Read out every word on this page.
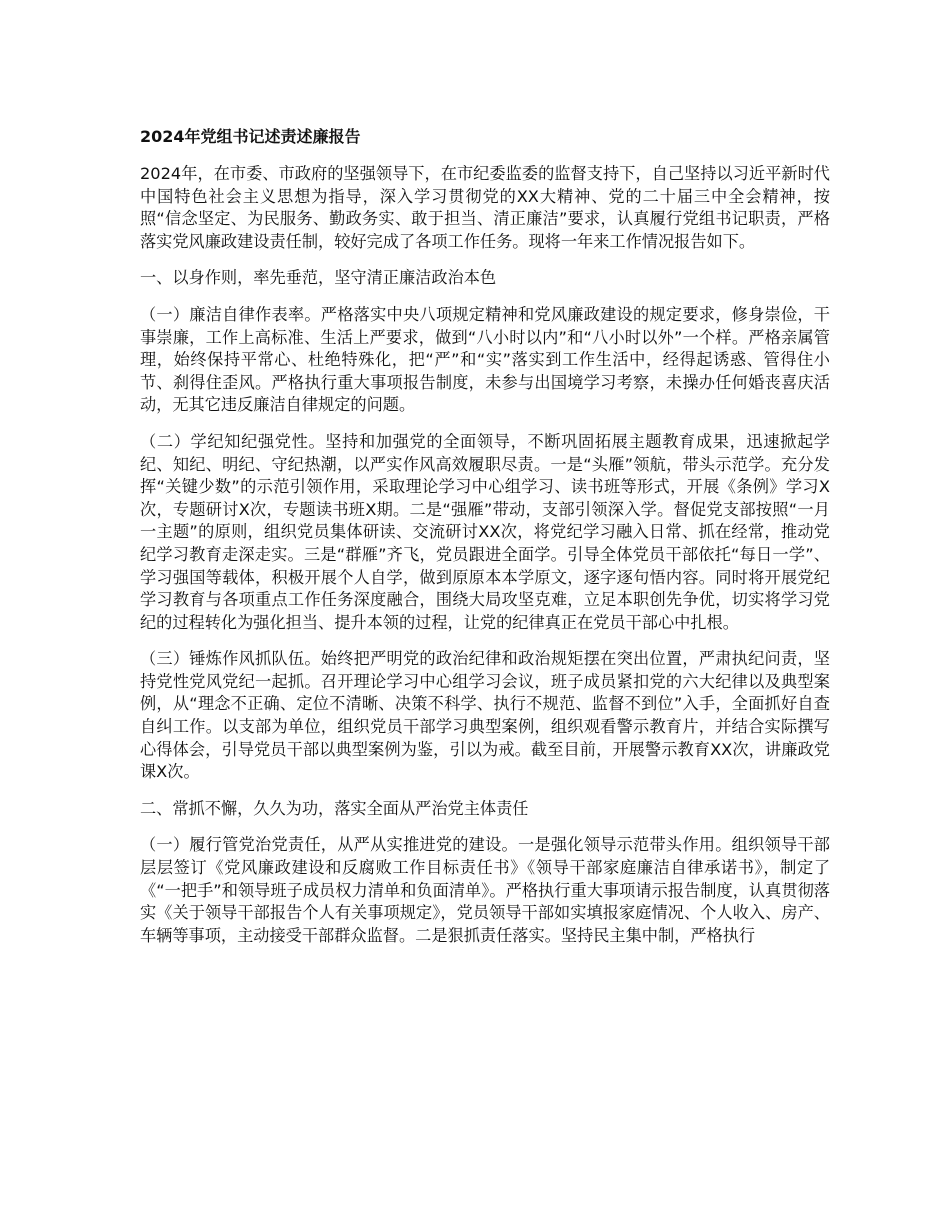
2024年党组书记述责述廉报告

2024年，在市委、市政府的坚强领导下，在市纪委监委的监督支持下，自己坚持以习近平新时代中国特色社会主义思想为指导，深入学习贯彻党的XX大精神、党的二十届三中全会精神，按照“信念坚定、为民服务、勤政务实、敢于担当、清正廉洁”要求，认真履行党组书记职责，严格落实党风廉政建设责任制，较好完成了各项工作任务。现将一年来工作情况报告如下。

一、以身作则，率先垂范，坚守清正廉洁政治本色

（一）廉洁自律作表率。严格落实中央八项规定精神和党风廉政建设的规定要求，修身崇俭，干事崇廉，工作上高标准、生活上严要求，做到“八小时以内”和“八小时以外”一个样。严格亲属管理，始终保持平常心、杜绝特殊化，把“严”和“实”落实到工作生活中，经得起诱惑、管得住小节、刹得住歪风。严格执行重大事项报告制度，未参与出国境学习考察，未操办任何婚丧喜庆活动，无其它违反廉洁自律规定的问题。

（二）学纪知纪强党性。坚持和加强党的全面领导，不断巩固拓展主题教育成果，迅速掀起学纪、知纪、明纪、守纪热潮，以严实作风高效履职尽责。一是“头雁”领航，带头示范学。充分发挥“关键少数”的示范引领作用，采取理论学习中心组学习、读书班等形式，开展《条例》学习X次，专题研讨X次，专题读书班X期。二是“强雁”带动，支部引领深入学。督促党支部按照“一月一主题”的原则，组织党员集体研读、交流研讨XX次，将党纪学习融入日常、抓在经常，推动党纪学习教育走深走实。三是“群雁”齐飞，党员跟进全面学。引导全体党员干部依托“每日一学”、学习强国等载体，积极开展个人自学，做到原原本本学原文，逐字逐句悟内容。同时将开展党纪学习教育与各项重点工作任务深度融合，围绕大局攻坚克难，立足本职创先争优，切实将学习党纪的过程转化为强化担当、提升本领的过程，让党的纪律真正在党员干部心中扎根。

（三）锤炼作风抓队伍。始终把严明党的政治纪律和政治规矩摆在突出位置，严肃执纪问责，坚持党性党风党纪一起抓。召开理论学习中心组学习会议，班子成员紧扣党的六大纪律以及典型案例，从“理念不正确、定位不清晰、决策不科学、执行不规范、监督不到位”入手，全面抓好自查自纠工作。以支部为单位，组织党员干部学习典型案例，组织观看警示教育片，并结合实际撰写心得体会，引导党员干部以典型案例为鉴，引以为戒。截至目前，开展警示教育XX次，讲廉政党课X次。

二、常抓不懈，久久为功，落实全面从严治党主体责任

（一）履行管党治党责任，从严从实推进党的建设。一是强化领导示范带头作用。组织领导干部层层签订《党风廉政建设和反腐败工作目标责任书》《领导干部家庭廉洁自律承诺书》，制定了《“一把手”和领导班子成员权力清单和负面清单》。严格执行重大事项请示报告制度，认真贯彻落实《关于领导干部报告个人有关事项规定》，党员领导干部如实填报家庭情况、个人收入、房产、车辆等事项，主动接受干部群众监督。二是狠抓责任落实。坚持民主集中制，严格执行
